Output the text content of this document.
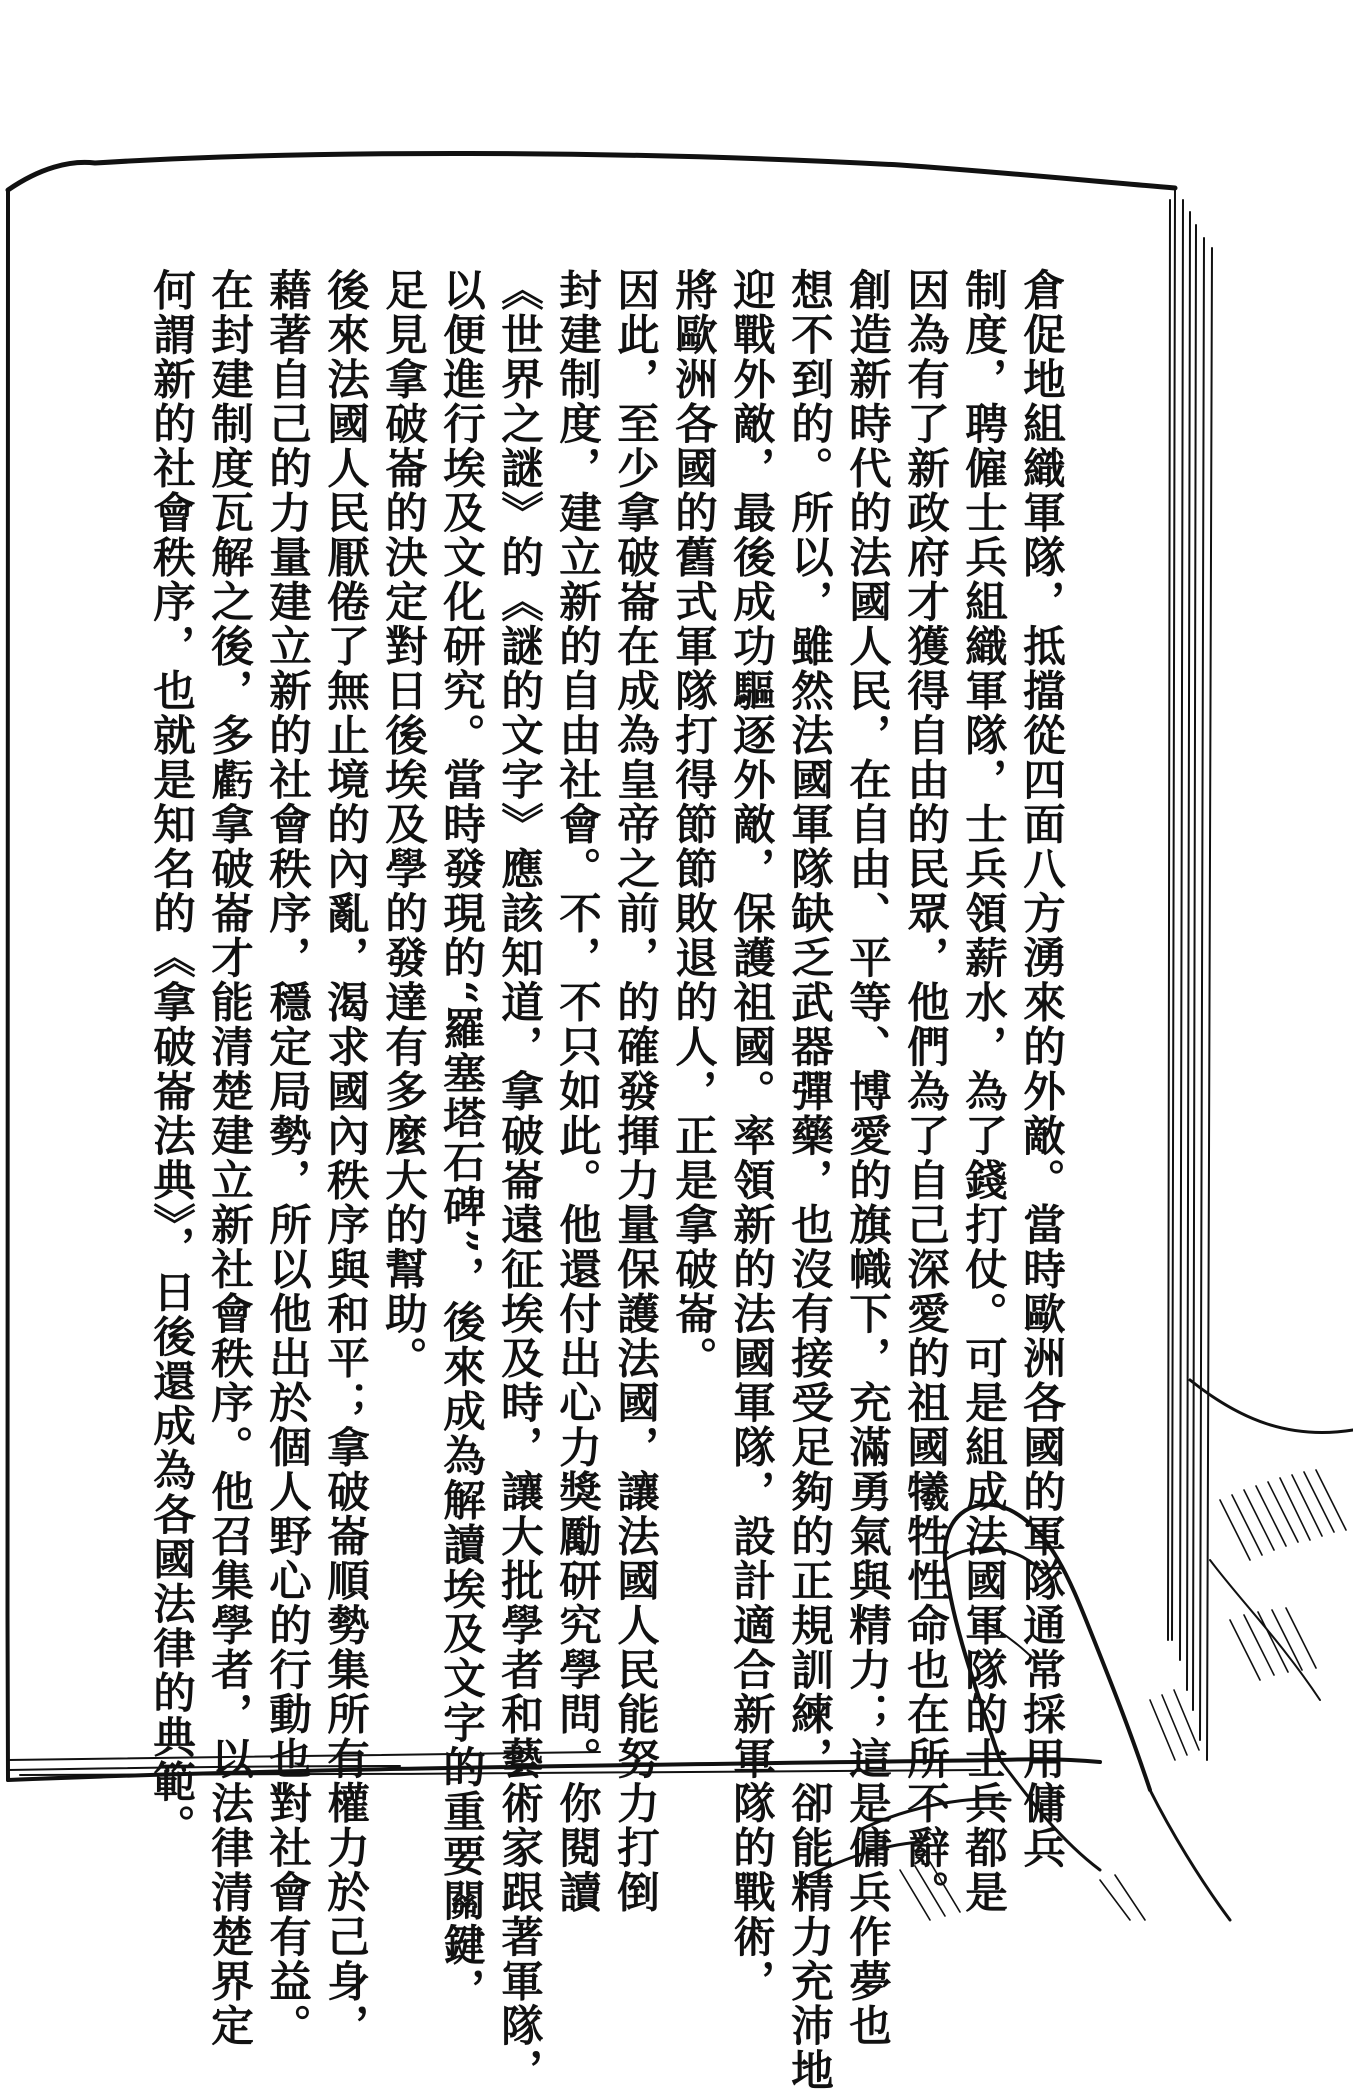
倉促地組織軍隊，抵擋從四面八方湧來的外敵。當時歐洲各國的軍隊通常採用傭兵
制度，聘僱士兵組織軍隊，士兵領薪水，為了錢打仗。可是組成法國軍隊的士兵都是
因為有了新政府才獲得自由的民眾，他們為了自己深愛的祖國犧牲性命也在所不辭。
創造新時代的法國人民，在自由、平等、博愛的旗幟下，充滿勇氣與精力；這是傭兵作夢也
想不到的。所以，雖然法國軍隊缺乏武器彈藥，也沒有接受足夠的正規訓練，卻能精力充沛地
迎戰外敵，最後成功驅逐外敵，保護祖國。率領新的法國軍隊，設計適合新軍隊的戰術，
將歐洲各國的舊式軍隊打得節節敗退的人，正是拿破崙。
因此，至少拿破崙在成為皇帝之前，的確發揮力量保護法國，讓法國人民能努力打倒
封建制度，建立新的自由社會。不，不只如此。他還付出心力獎勵研究學問。你閱讀
《世界之謎》的《謎的文字》應該知道，拿破崙遠征埃及時，讓大批學者和藝術家跟著軍隊，
以便進行埃及文化研究。當時發現的“羅塞塔石碑”，後來成為解讀埃及文字的重要關鍵，
足見拿破崙的決定對日後埃及學的發達有多麼大的幫助。
後來法國人民厭倦了無止境的內亂，渴求國內秩序與和平；拿破崙順勢集所有權力於己身，
藉著自己的力量建立新的社會秩序，穩定局勢，所以他出於個人野心的行動也對社會有益。
在封建制度瓦解之後，多虧拿破崙才能清楚建立新社會秩序。他召集學者，以法律清楚界定
何謂新的社會秩序，也就是知名的《拿破崙法典》，日後還成為各國法律的典範。
